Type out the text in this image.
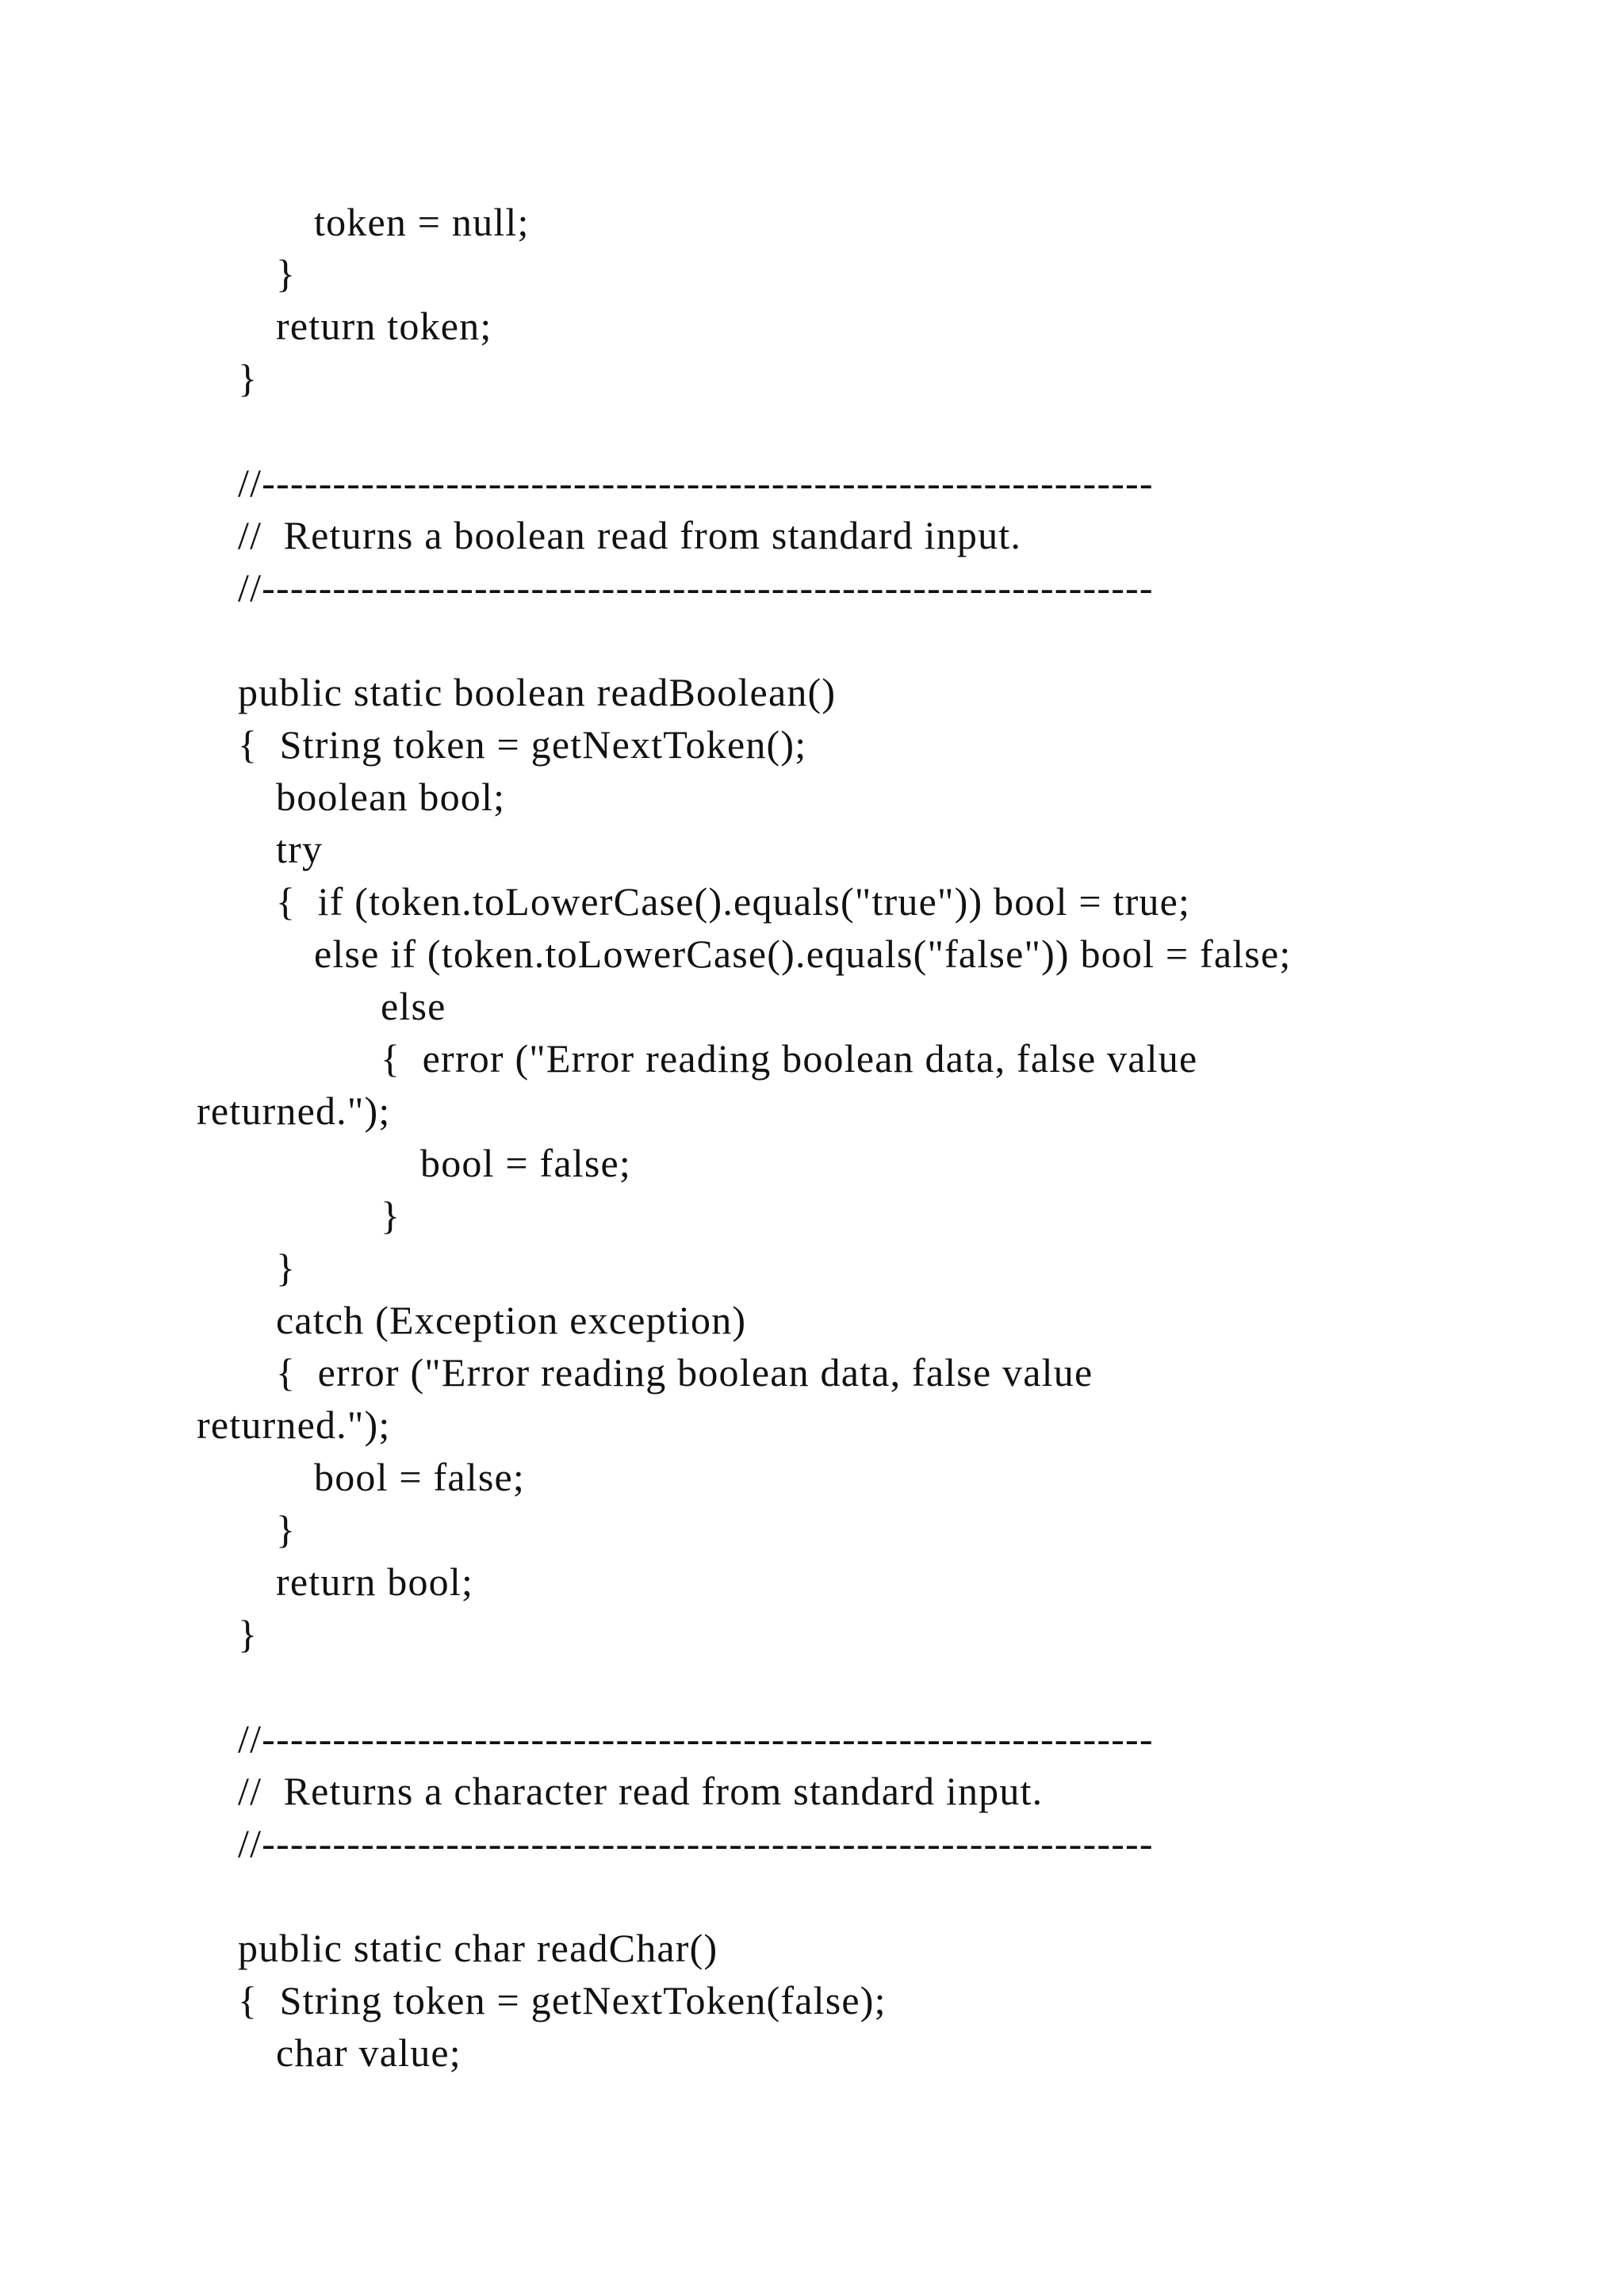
token = null;

}

return token;

}

//---------------------------------------------------------------

//  Returns a boolean read from standard input.

//---------------------------------------------------------------

public static boolean readBoolean()

{  String token = getNextToken();

boolean bool;

try

{  if (token.toLowerCase().equals("true")) bool = true;

else if (token.toLowerCase().equals("false")) bool = false;

else

{  error ("Error reading boolean data, false value

returned.");

bool = false;

}

}

catch (Exception exception)

{  error ("Error reading boolean data, false value

returned.");

bool = false;

}

return bool;

}

//---------------------------------------------------------------

//  Returns a character read from standard input.

//---------------------------------------------------------------

public static char readChar()

{  String token = getNextToken(false);

char value;
